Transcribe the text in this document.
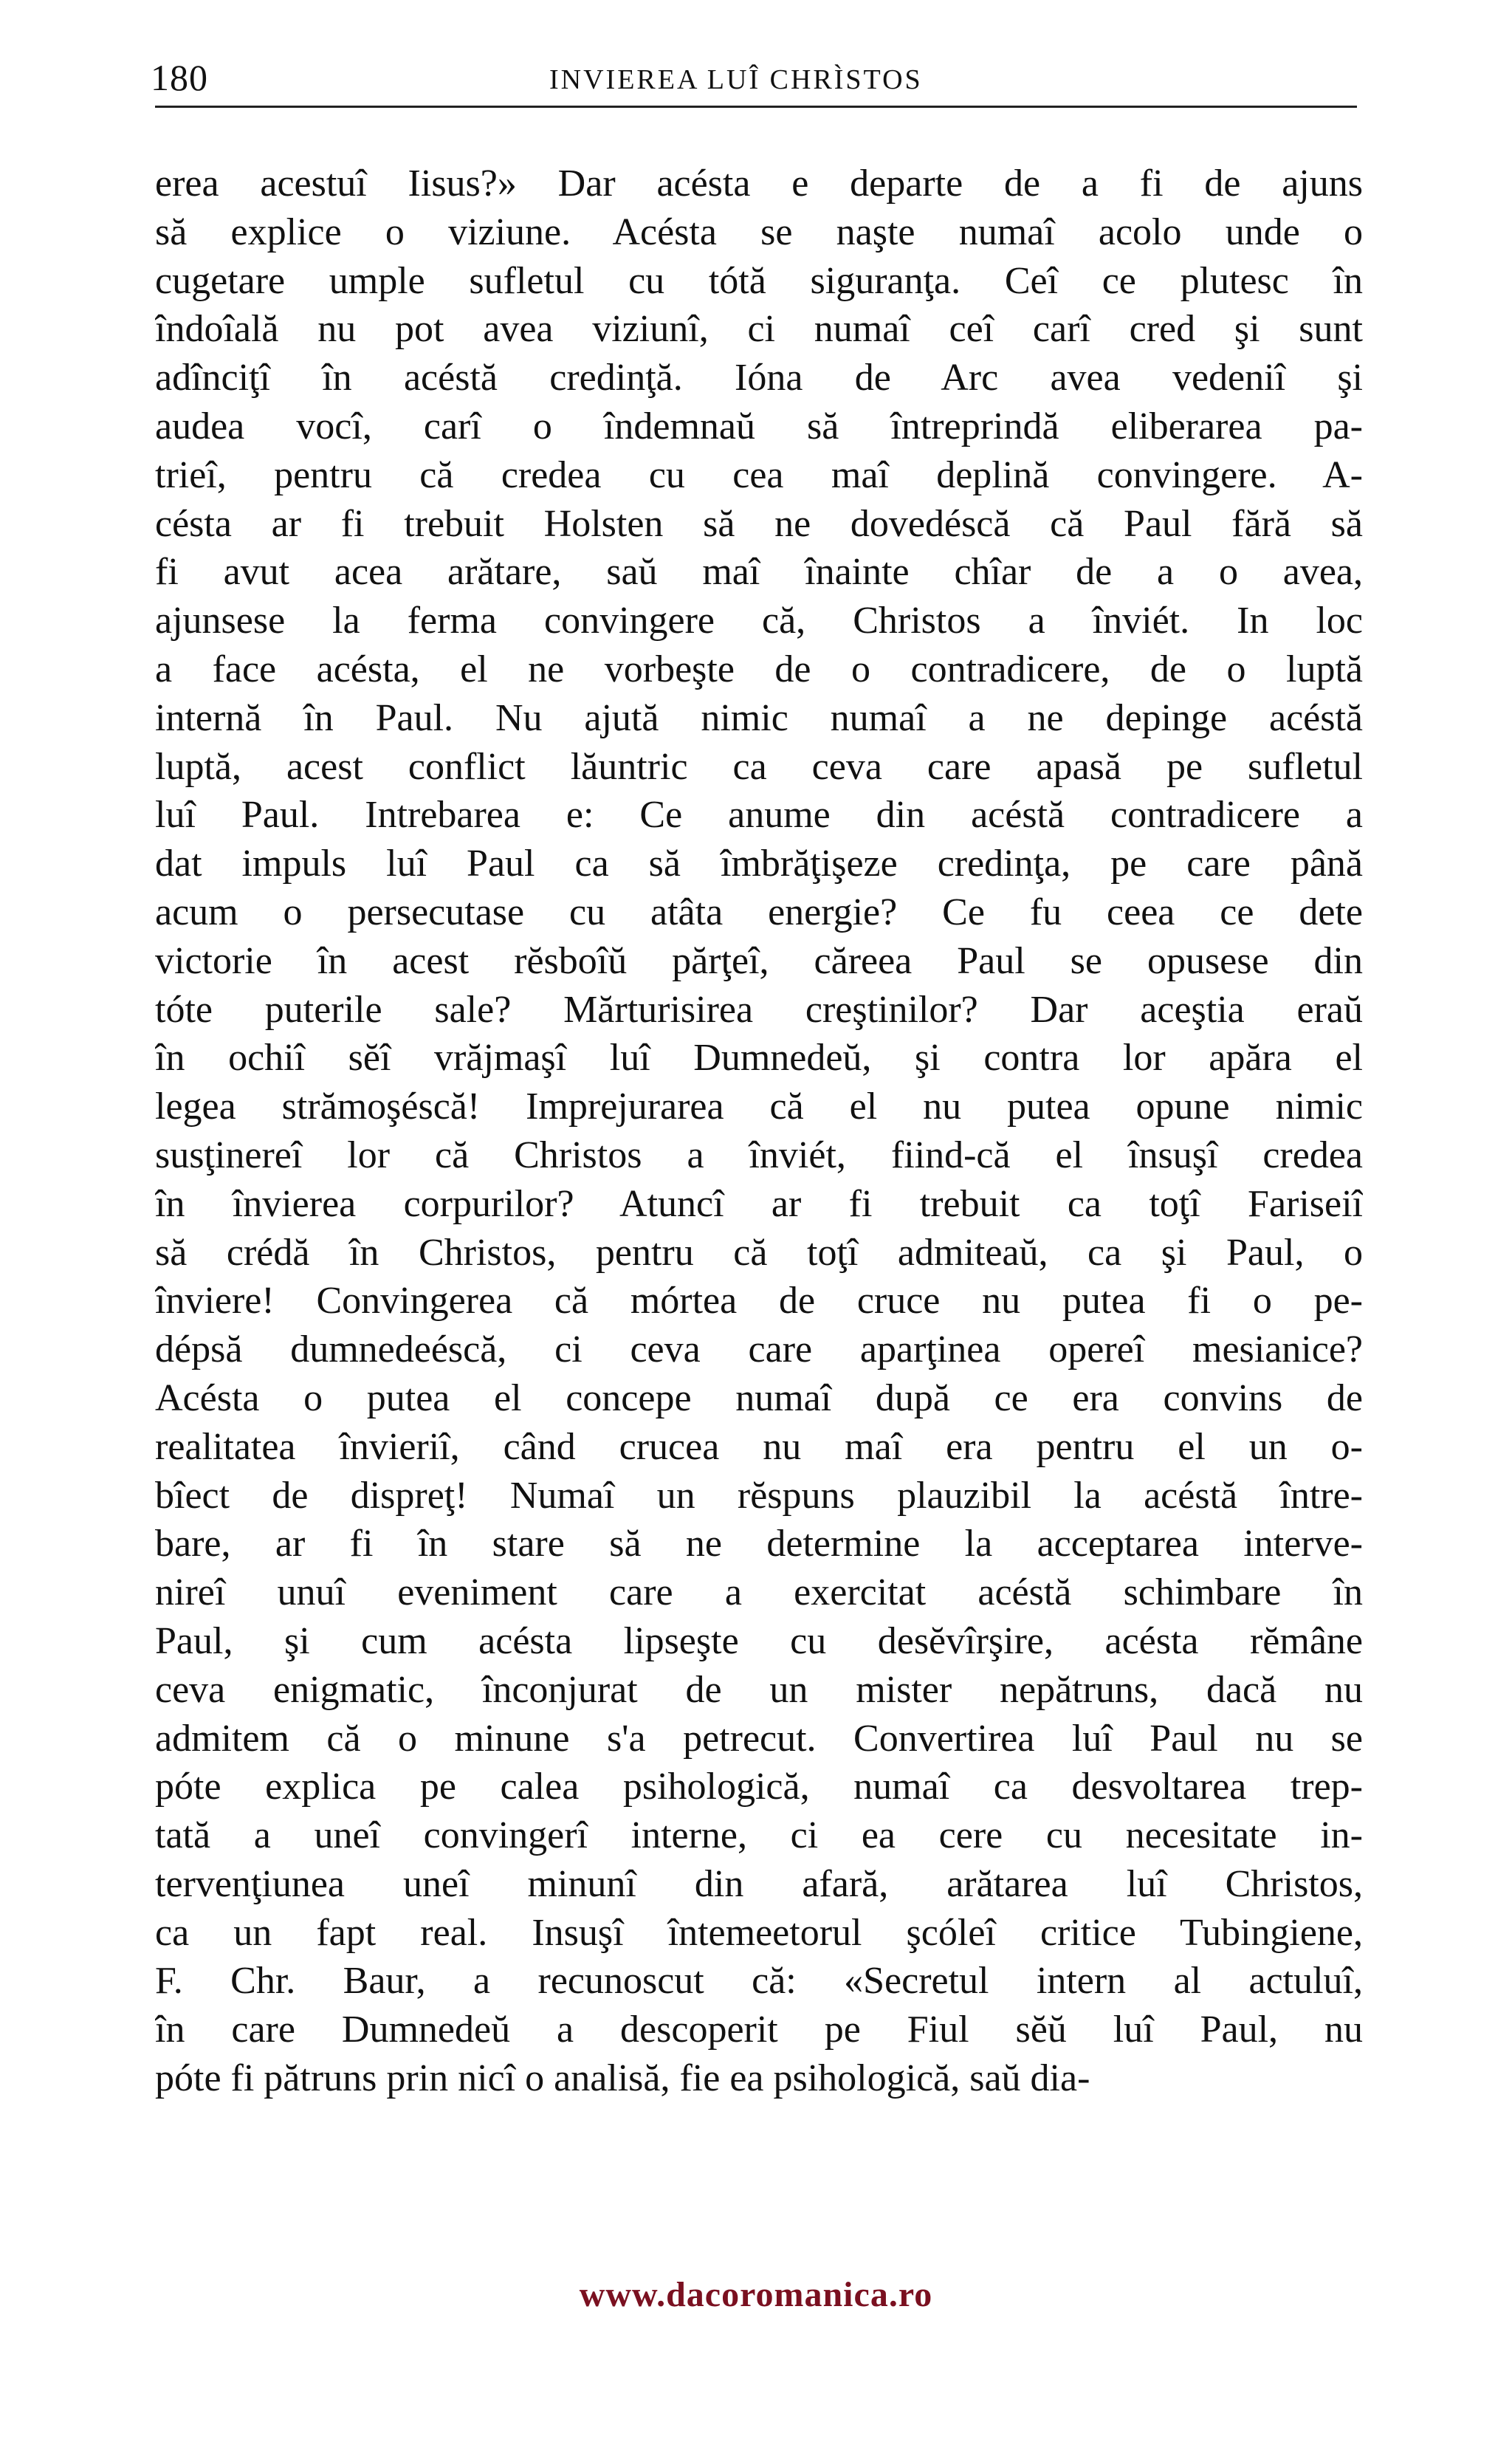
180	INVIEREA LUÎ CHRÌSTOS
erea acestuî Iisus?» Dar acésta e departe de a fi de ajuns
să explice o viziune. Acésta se naşte numaî acolo unde o
cugetare umple sufletul cu tótă siguranţa. Ceî ce plutesc în
îndoîală nu pot avea viziunî, ci numaî ceî carî cred şi sunt
adînciţî în acéstă credinţă. Ióna de Arc avea vedeniî şi
audea vocî, carî o îndemnaŭ să întreprindă eliberarea pa-
trieî, pentru că credea cu cea maî deplină convingere. A-
césta ar fi trebuit Holsten să ne dovedéscă că Paul fără să
fi avut acea arătare, saŭ maî înainte chîar de a o avea,
ajunsese la ferma convingere că, Christos a înviét. In loc
a face acésta, el ne vorbeşte de o contradicere, de o luptă
internă în Paul. Nu ajută nimic numaî a ne depinge acéstă
luptă, acest conflict lăuntric ca ceva care apasă pe sufletul
luî Paul. Intrebarea e: Ce anume din acéstă contradicere a
dat impuls luî Paul ca să îmbrăţişeze credinţa, pe care până
acum o persecutase cu atâta energie? Ce fu ceea ce dete
victorie în acest rĕsboîŭ părţeî, căreea Paul se opusese din
tóte puterile sale? Mărturisirea creştinilor? Dar aceştia eraŭ
în ochiî sĕî vrăjmaşî luî Dumnedeŭ, şi contra lor apăra el
legea strămoşéscă! Imprejurarea că el nu putea opune nimic
susţinereî lor că Christos a înviét, fiind-că el însuşî credea
în învierea corpurilor? Atuncî ar fi trebuit ca toţî Fariseiî
să crédă în Christos, pentru că toţî admiteaŭ, ca şi Paul, o
înviere! Convingerea că mórtea de cruce nu putea fi o pe-
dépsă dumnedeéscă, ci ceva care aparţinea opereî mesianice?
Acésta o putea el concepe numaî după ce era convins de
realitatea învieriî, când crucea nu maî era pentru el un o-
bîect de dispreţ! Numaî un rĕspuns plauzibil la acéstă între-
bare, ar fi în stare să ne determine la acceptarea interve-
nireî unuî eveniment care a exercitat acéstă schimbare în
Paul, şi cum acésta lipseşte cu desĕvîrşire, acésta rĕmâne
ceva enigmatic, înconjurat de un mister nepătruns, dacă nu
admitem că o minune s'a petrecut. Convertirea luî Paul nu se
póte explica pe calea psihologică, numaî ca desvoltarea trep-
tată a uneî convingerî interne, ci ea cere cu necesitate in-
tervenţiunea uneî minunî din afară, arătarea luî Christos,
ca un fapt real. Insuşî întemeetorul şcóleî critice Tubingiene,
F. Chr. Baur, a recunoscut că: «Secretul intern al actuluî,
în care Dumnedeŭ a descoperit pe Fiul sĕŭ luî Paul, nu
póte fi pătruns prin nicî o analisă, fie ea psihologică, saŭ dia-
www.dacoromanica.ro
